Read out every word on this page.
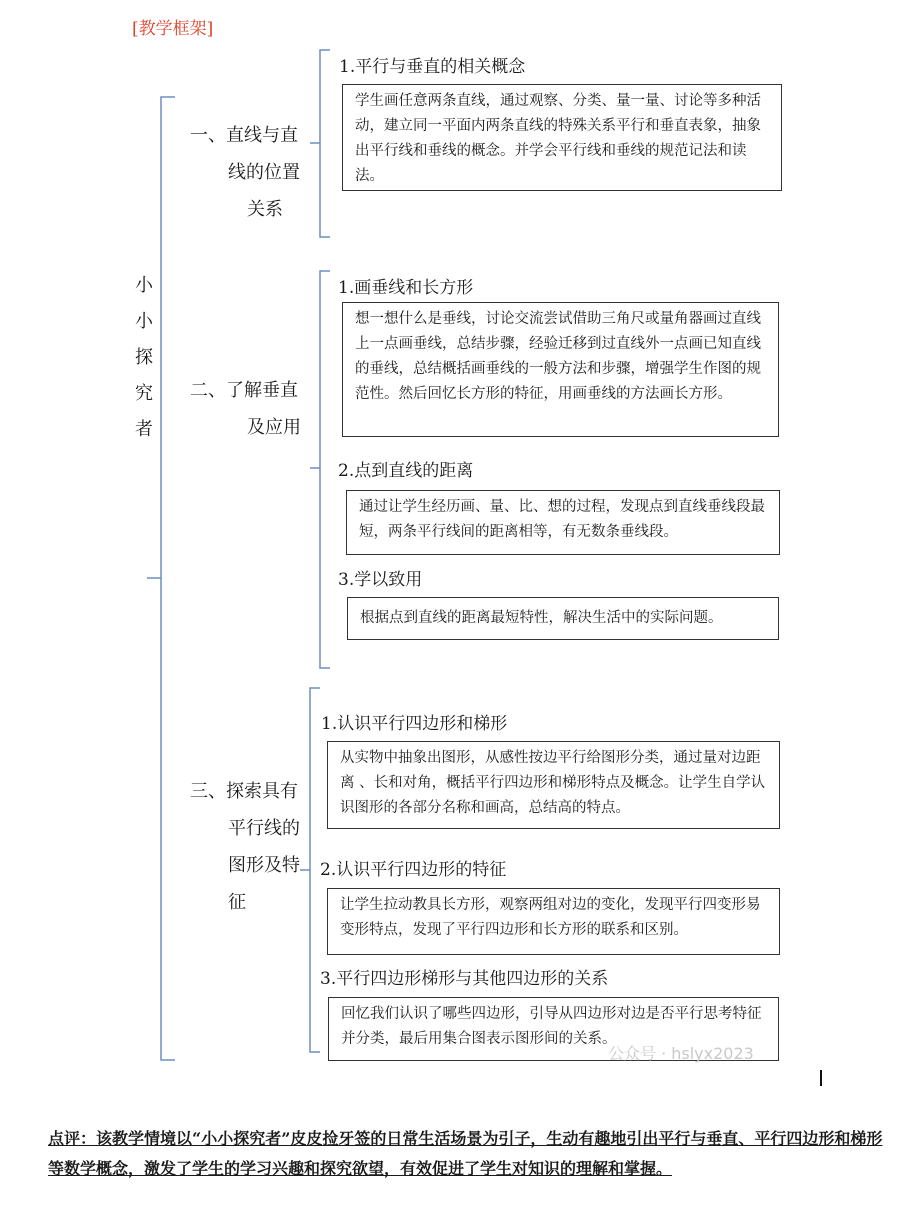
[教学框架]
小
小
探
究
者
一、直线与直
线的位置
关系
1.平行与垂直的相关概念
学生画任意两条直线，通过观察、分类、量一量、讨论等多种活动，建立同一平面内两条直线的特殊关系平行和垂直表象，抽象出平行线和垂线的概念。并学会平行线和垂线的规范记法和读法。
二、了解垂直
及应用
1.画垂线和长方形
想一想什么是垂线，讨论交流尝试借助三角尺或量角器画过直线上一点画垂线，总结步骤，经验迁移到过直线外一点画已知直线的垂线，总结概括画垂线的一般方法和步骤，增强学生作图的规范性。然后回忆长方形的特征，用画垂线的方法画长方形。
2.点到直线的距离
通过让学生经历画、量、比、想的过程，发现点到直线垂线段最短，两条平行线间的距离相等，有无数条垂线段。
3.学以致用
根据点到直线的距离最短特性，解决生活中的实际问题。
三、探索具有
平行线的
图形及特
征
1.认识平行四边形和梯形
从实物中抽象出图形，从感性按边平行给图形分类，通过量对边距离 、长和对角，概括平行四边形和梯形特点及概念。让学生自学认识图形的各部分名称和画高，总结高的特点。
2.认识平行四边形的特征
让学生拉动教具长方形，观察两组对边的变化，发现平行四变形易变形特点，发现了平行四边形和长方形的联系和区别。
3.平行四边形梯形与其他四边形的关系
回忆我们认识了哪些四边形，引导从四边形对边是否平行思考特征并分类，最后用集合图表示图形间的关系。
公众号 · hslyx2023
点评：该教学情境以“小小探究者”皮皮捡牙签的日常生活场景为引子，生动有趣地引出平行与垂直、平行四边形和梯形等数学概念，激发了学生的学习兴趣和探究欲望，有效促进了学生对知识的理解和掌握。
